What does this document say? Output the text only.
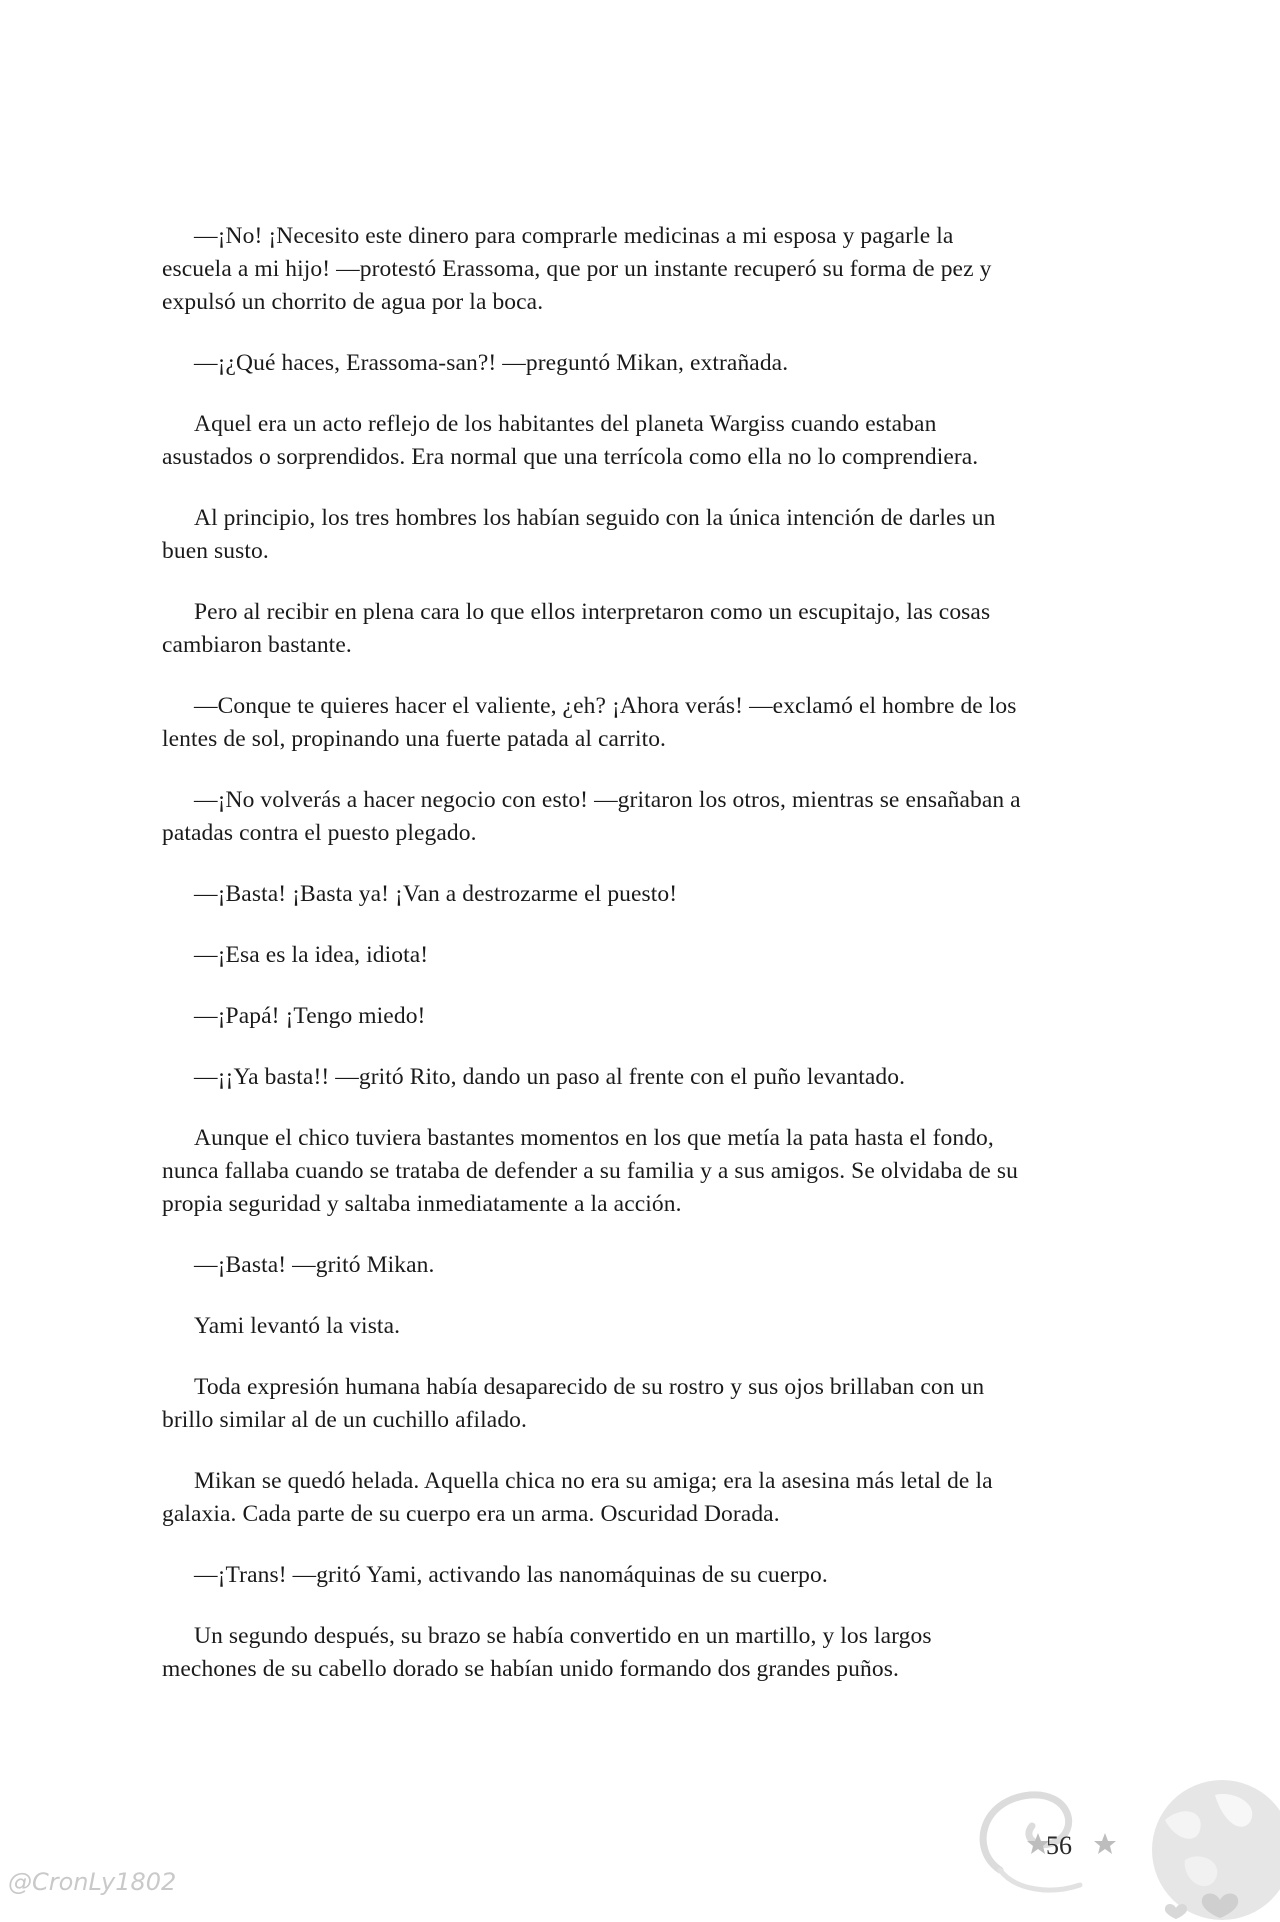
—¡No! ¡Necesito este dinero para comprarle medicinas a mi esposa y pagarle la
escuela a mi hijo! —protestó Erassoma, que por un instante recuperó su forma de pez y
expulsó un chorrito de agua por la boca.

—¡¿Qué haces, Erassoma-san?! —preguntó Mikan, extrañada.

Aquel era un acto reflejo de los habitantes del planeta Wargiss cuando estaban
asustados o sorprendidos. Era normal que una terrícola como ella no lo comprendiera.

Al principio, los tres hombres los habían seguido con la única intención de darles un
buen susto.

Pero al recibir en plena cara lo que ellos interpretaron como un escupitajo, las cosas
cambiaron bastante.

—Conque te quieres hacer el valiente, ¿eh? ¡Ahora verás! —exclamó el hombre de los
lentes de sol, propinando una fuerte patada al carrito.

—¡No volverás a hacer negocio con esto! —gritaron los otros, mientras se ensañaban a
patadas contra el puesto plegado.

—¡Basta! ¡Basta ya! ¡Van a destrozarme el puesto!

—¡Esa es la idea, idiota!

—¡Papá! ¡Tengo miedo!

—¡¡Ya basta!! —gritó Rito, dando un paso al frente con el puño levantado.

Aunque el chico tuviera bastantes momentos en los que metía la pata hasta el fondo,
nunca fallaba cuando se trataba de defender a su familia y a sus amigos. Se olvidaba de su
propia seguridad y saltaba inmediatamente a la acción.

—¡Basta! —gritó Mikan.

Yami levantó la vista.

Toda expresión humana había desaparecido de su rostro y sus ojos brillaban con un
brillo similar al de un cuchillo afilado.

Mikan se quedó helada. Aquella chica no era su amiga; era la asesina más letal de la
galaxia. Cada parte de su cuerpo era un arma. Oscuridad Dorada.

—¡Trans! —gritó Yami, activando las nanomáquinas de su cuerpo.

Un segundo después, su brazo se había convertido en un martillo, y los largos
mechones de su cabello dorado se habían unido formando dos grandes puños.

56
@CronLy1802
